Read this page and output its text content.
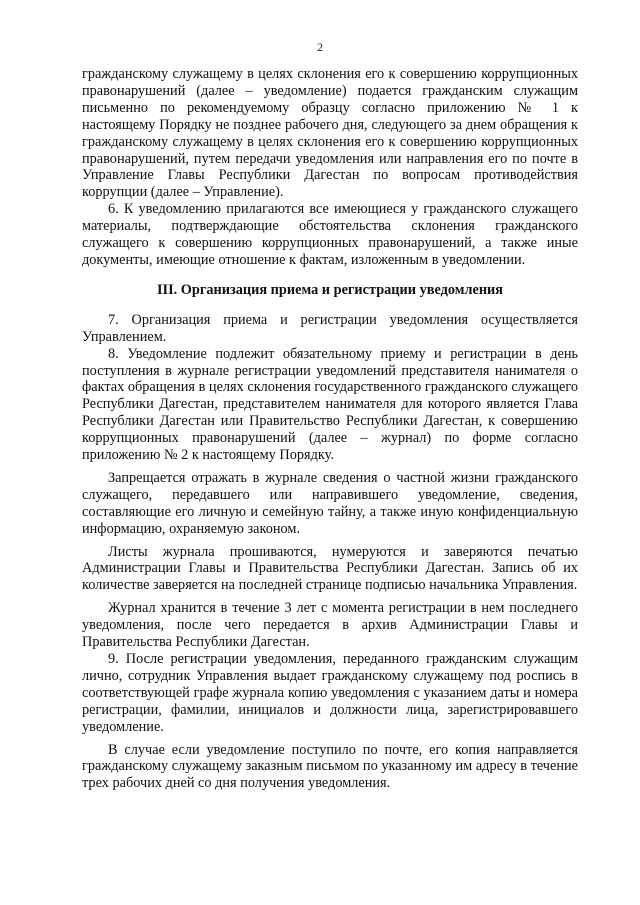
2

гражданскому служащему в целях склонения его к совершению коррупционных правонарушений (далее – уведомление) подается гражданским служащим письменно по рекомендуемому образцу согласно приложению № 1 к настоящему Порядку не позднее рабочего дня, следующего за днем обращения к гражданскому служащему в целях склонения его к совершению коррупционных правонарушений, путем передачи уведомления или направления его по почте в Управление Главы Республики Дагестан по вопросам противодействия коррупции (далее – Управление).

6. К уведомлению прилагаются все имеющиеся у гражданского служащего материалы, подтверждающие обстоятельства склонения гражданского служащего к совершению коррупционных правонарушений, а также иные документы, имеющие отношение к фактам, изложенным в уведомлении.

III. Организация приема и регистрации уведомления

7. Организация приема и регистрации уведомления осуществляется Управлением.

8. Уведомление подлежит обязательному приему и регистрации в день поступления в журнале регистрации уведомлений представителя нанимателя о фактах обращения в целях склонения государственного гражданского служащего Республики Дагестан, представителем нанимателя для которого является Глава Республики Дагестан или Правительство Республики Дагестан, к совершению коррупционных правонарушений (далее – журнал) по форме согласно приложению № 2 к настоящему Порядку.

Запрещается отражать в журнале сведения о частной жизни гражданского служащего, передавшего или направившего уведомление, сведения, составляющие его личную и семейную тайну, а также иную конфиденциальную информацию, охраняемую законом.

Листы журнала прошиваются, нумеруются и заверяются печатью Администрации Главы и Правительства Республики Дагестан. Запись об их количестве заверяется на последней странице подписью начальника Управления.

Журнал хранится в течение 3 лет с момента регистрации в нем последнего уведомления, после чего передается в архив Администрации Главы и Правительства Республики Дагестан.

9. После регистрации уведомления, переданного гражданским служащим лично, сотрудник Управления выдает гражданскому служащему под роспись в соответствующей графе журнала копию уведомления с указанием даты и номера регистрации, фамилии, инициалов и должности лица, зарегистрировавшего уведомление.

В случае если уведомление поступило по почте, его копия направляется гражданскому служащему заказным письмом по указанному им адресу в течение трех рабочих дней со дня получения уведомления.
